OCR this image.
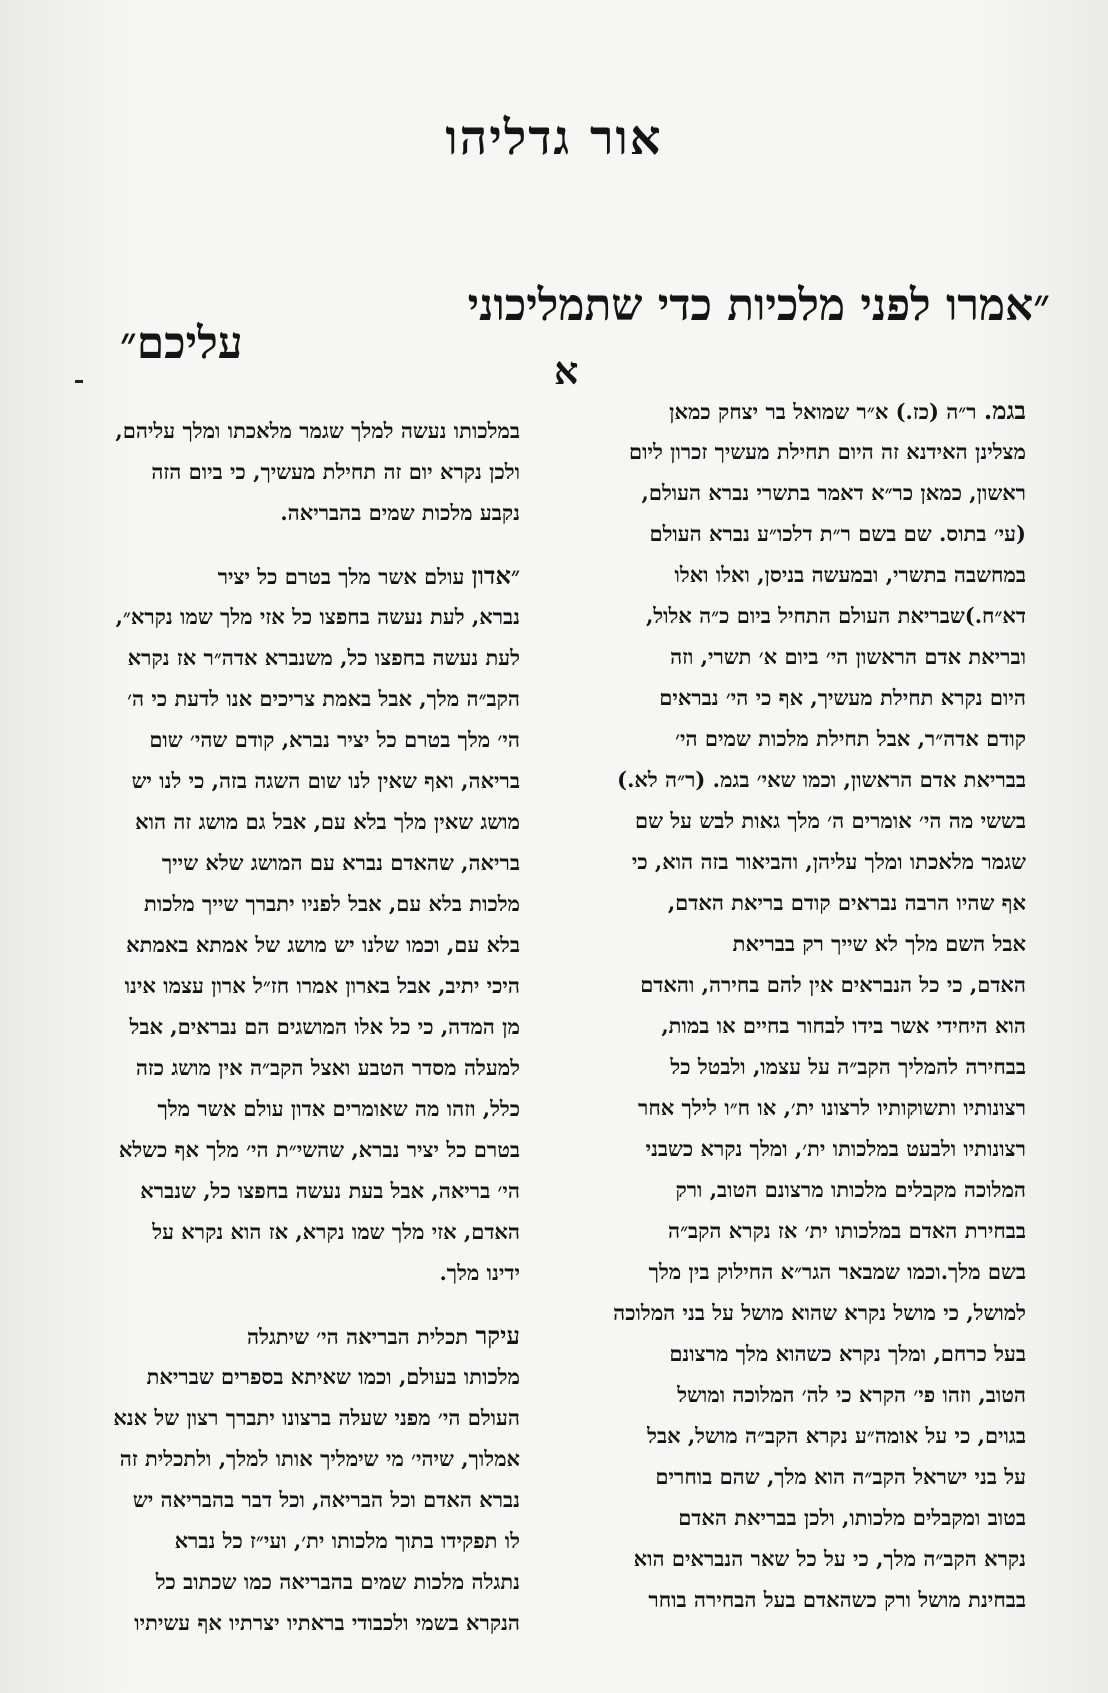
אור גדליהו
״אמרו לפני מלכיות כדי שתמליכוני
עליכם״
א
בגמ. ר״ה (כז.) א״ר שמואל בר יצחק כמאן
מצלינן האידנא זה היום תחילת מעשיך זכרון ליום
ראשון, כמאן כר״א דאמר בתשרי נברא העולם,
(עי׳ בתוס. שם בשם ר״ת דלכו״ע נברא העולם
במחשבה בתשרי, ובמעשה בניסן, ואלו ואלו
דא״ח.)שבריאת העולם התחיל ביום כ״ה אלול,
ובריאת אדם הראשון הי׳ ביום א׳ תשרי, וזה
היום נקרא תחילת מעשיך, אף כי הי׳ נבראים
קודם אדה״ר, אבל תחילת מלכות שמים הי׳
בבריאת אדם הראשון, וכמו שאי׳ בגמ. (ר״ה לא.)
בששי מה הי׳ אומרים ה׳ מלך גאות לבש על שם
שגמר מלאכתו ומלך עליהן, והביאור בזה הוא, כי
אף שהיו הרבה נבראים קודם בריאת האדם,
אבל השם מלך לא שייך רק בבריאת
האדם, כי כל הנבראים אין להם בחירה, והאדם
הוא היחידי אשר בידו לבחור בחיים או במות,
בבחירה להמליך הקב״ה על עצמו, ולבטל כל
רצונותיו ותשוקותיו לרצונו ית׳, או ח״ו לילך אחר
רצונותיו ולבעט במלכותו ית׳, ומלך נקרא כשבני
המלוכה מקבלים מלכותו מרצונם הטוב, ורק
בבחירת האדם במלכותו ית׳ אז נקרא הקב״ה
בשם מלך.וכמו שמבאר הגר״א החילוק בין מלך
למושל, כי מושל נקרא שהוא מושל על בני המלוכה
בעל כרחם, ומלך נקרא כשהוא מלך מרצונם
הטוב, וזהו פי׳ הקרא כי לה׳ המלוכה ומושל
בגוים, כי על אומה״ע נקרא הקב״ה מושל, אבל
על בני ישראל הקב״ה הוא מלך, שהם בוחרים
בטוב ומקבלים מלכותו, ולכן בבריאת האדם
נקרא הקב״ה מלך, כי על כל שאר הנבראים הוא
בבחינת מושל ורק כשהאדם בעל הבחירה בוחר
במלכותו נעשה למלך שגמר מלאכתו ומלך עליהם,
ולכן נקרא יום זה תחילת מעשיך, כי ביום הזה
נקבע מלכות שמים בהבריאה.
״אדון עולם אשר מלך בטרם כל יציר
נברא, לעת נעשה בחפצו כל אזי מלך שמו נקרא״,
לעת נעשה בחפצו כל, משנברא אדה״ר אז נקרא
הקב״ה מלך, אבל באמת צריכים אנו לדעת כי ה׳
הי׳ מלך בטרם כל יציר נברא, קודם שהי׳ שום
בריאה, ואף שאין לנו שום השגה בזה, כי לנו יש
מושג שאין מלך בלא עם, אבל גם מושג זה הוא
בריאה, שהאדם נברא עם המושג שלא שייך
מלכות בלא עם, אבל לפניו יתברך שייך מלכות
בלא עם, וכמו שלנו יש מושג של אמתא באמתא
היכי יתיב, אבל בארון אמרו חז״ל ארון עצמו אינו
מן המדה, כי כל אלו המושגים הם נבראים, אבל
למעלה מסדר הטבע ואצל הקב״ה אין מושג כזה
כלל, וזהו מה שאומרים אדון עולם אשר מלך
בטרם כל יציר נברא, שהשי״ת הי׳ מלך אף כשלא
הי׳ בריאה, אבל בעת נעשה בחפצו כל, שנברא
האדם, אזי מלך שמו נקרא, אז הוא נקרא על
ידינו מלך.
עיקר תכלית הבריאה הי׳ שיתגלה
מלכותו בעולם, וכמו שאיתא בספרים שבריאת
העולם הי׳ מפני שעלה ברצונו יתברך רצון של אנא
אמלוך, שיהי׳ מי שימליך אותו למלך, ולתכלית זה
נברא האדם וכל הבריאה, וכל דבר בהבריאה יש
לו תפקידו בתוך מלכותו ית׳, ועי״ז כל נברא
נתגלה מלכות שמים בהבריאה כמו שכתוב כל
הנקרא בשמי ולכבודי בראתיו יצרתיו אף עשיתיו
